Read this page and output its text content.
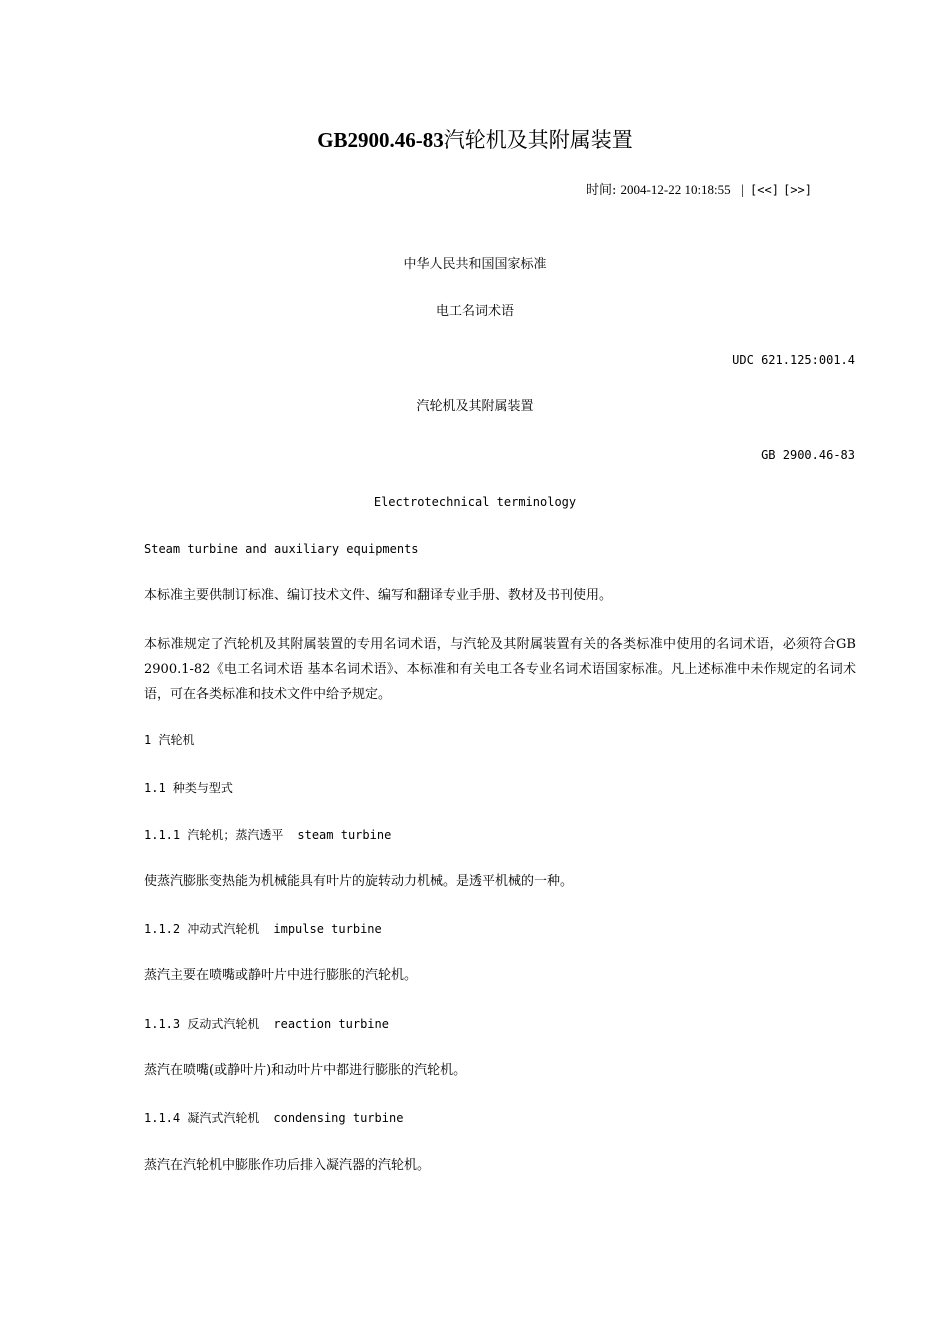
GB2900.46-83汽轮机及其附属装置
时间: 2004-12-22 10:18:55 | [<<] [>>]
中华人民共和国国家标准
电工名词术语
UDC 621.125:001.4
汽轮机及其附属装置
GB 2900.46-83
Electrotechnical terminology
Steam turbine and auxiliary equipments
本标准主要供制订标准、编订技术文件、编写和翻译专业手册、教材及书刊使用。
本标准规定了汽轮机及其附属装置的专用名词术语，与汽轮及其附属装置有关的各类标准中使用的名词术语，必须符合GB 2900.1-82《电工名词术语 基本名词术语》、本标准和有关电工各专业名词术语国家标准。凡上述标准中未作规定的名词术语，可在各类标准和技术文件中给予规定。
1 汽轮机
1.1 种类与型式
1.1.1 汽轮机；蒸汽透平 steam turbine
使蒸汽膨胀变热能为机械能具有叶片的旋转动力机械。是透平机械的一种。
1.1.2 冲动式汽轮机 impulse turbine
蒸汽主要在喷嘴或静叶片中进行膨胀的汽轮机。
1.1.3 反动式汽轮机 reaction turbine
蒸汽在喷嘴(或静叶片)和动叶片中都进行膨胀的汽轮机。
1.1.4 凝汽式汽轮机 condensing turbine
蒸汽在汽轮机中膨胀作功后排入凝汽器的汽轮机。
